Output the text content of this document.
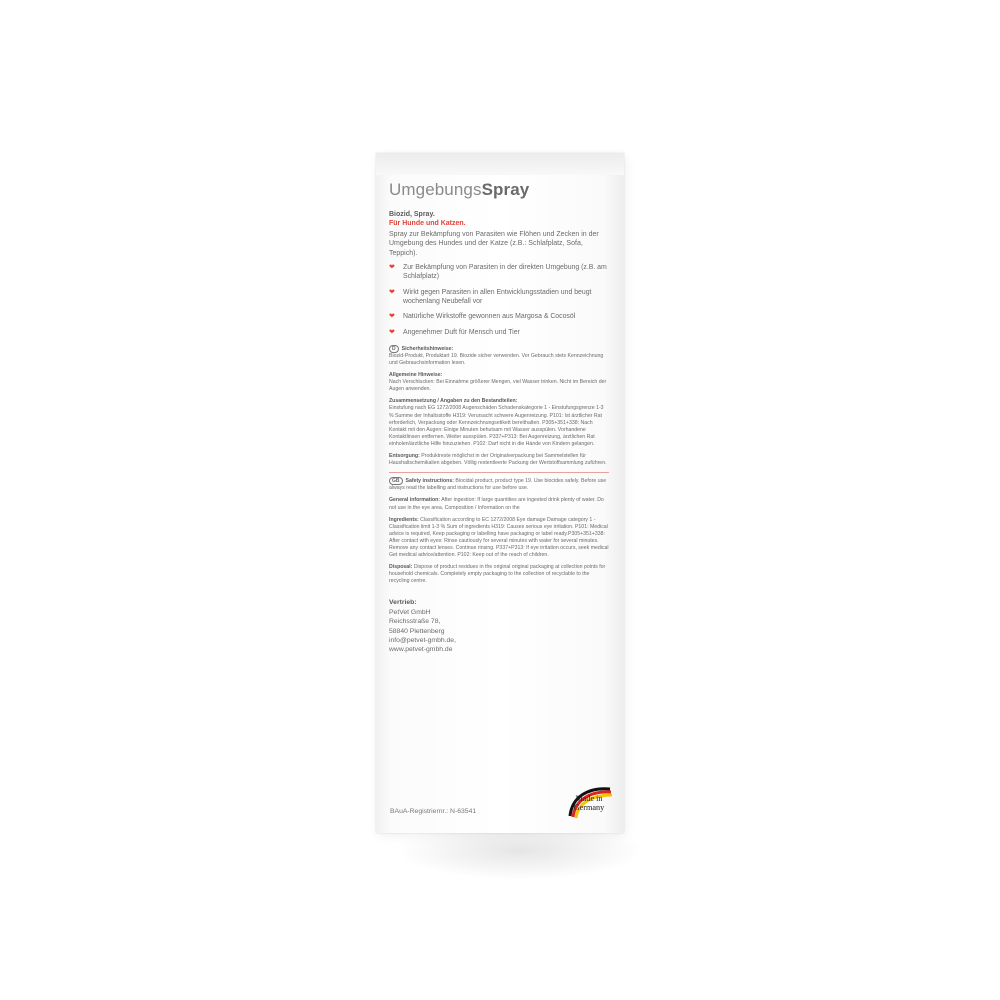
UmgebungsSpray

Biozid, Spray.

Für Hunde und Katzen.

Spray zur Bekämpfung von Parasiten wie Flöhen und Zecken in der Umgebung des Hundes und der Katze (z.B.: Schlafplatz, Sofa, Teppich).

❤ Zur Bekämpfung von Parasiten in der direkten Umgebung (z.B. am Schlafplatz)
❤ Wirkt gegen Parasiten in allen Entwicklungsstadien und beugt wochenlang Neubefall vor
❤ Natürliche Wirkstoffe gewonnen aus Margosa & Cocosöl
❤ Angenehmer Duft für Mensch und Tier

D Sicherheitshinweise:

Biozid-Produkt, Produktart 19. Biozide sicher verwenden. Vor Gebrauch stets Kennzeichnung und Gebrauchsinformation lesen.

Allgemeine Hinweise:

Nach Verschlucken: Bei Einnahme größerer Mengen, viel Wasser trinken. Nicht im Bereich der Augen anwenden.

Zusammensetzung / Angaben zu den Bestandteilen:

Einstufung nach EG 1272/2008 Augenschäden Schadenskategorie 1 - Einstufungsgrenze 1-3 % Summe der Inhaltsstoffe H319: Verursacht schwere Augenreizung. P101: Ist ärztlicher Rat erforderlich, Verpackung oder Kennzeichnungsetikett bereithalten. P305+351+338: Nach Kontakt mit den Augen: Einige Minuten behutsam mit Wasser ausspülen. Vorhandene Kontaktlinsen entfernen. Weiter ausspülen. P337+P313: Bei Augenreizung, ärztlichen Rat einholen/ärztliche Hilfe hinzuziehen. P102: Darf nicht in die Hände von Kindern gelangen.

Entsorgung: Produktreste möglichst in der Originalverpackung bei Sammelstellen für Haushaltschemikalien abgeben. Völlig restentleerte Packung der Wertstoffsammlung zuführen.

GB Safety instructions: Biocidal product, product type 19. Use biocides safely. Before use always read the labelling and instructions for use before use.

General information: After ingestion: If large quantities are ingested drink plenty of water. Do not use in the eye area. Composition / Information on the

Ingredients: Classification according to EC 1272/2008 Eye damage Damage category 1 - Classification limit 1-3 % Sum of ingredients H319: Causes serious eye irritation. P101: Medical advice is required, Keep packaging or labelling have packaging or label ready.P305+351+338: After contact with eyes: Rinse cautiously for several minutes with water for several minutes. Remove any contact lenses. Continue rinsing. P337+P313: If eye irritation occurs, seek medical Get medical advice/attention. P102: Keep out of the reach of children.

Disposal: Dispose of product residues in the original original packaging at collection points for household chemicals. Completely empty packaging to the collection of recyclable to the recycling centre.

Vertrieb:

PetVet GmbH

Reichsstraße 78,

58840 Plettenberg

info@petvet-gmbh.de,

www.petvet-gmbh.de

BAuA-Registriernr.: N-63541
Made in
Germany
